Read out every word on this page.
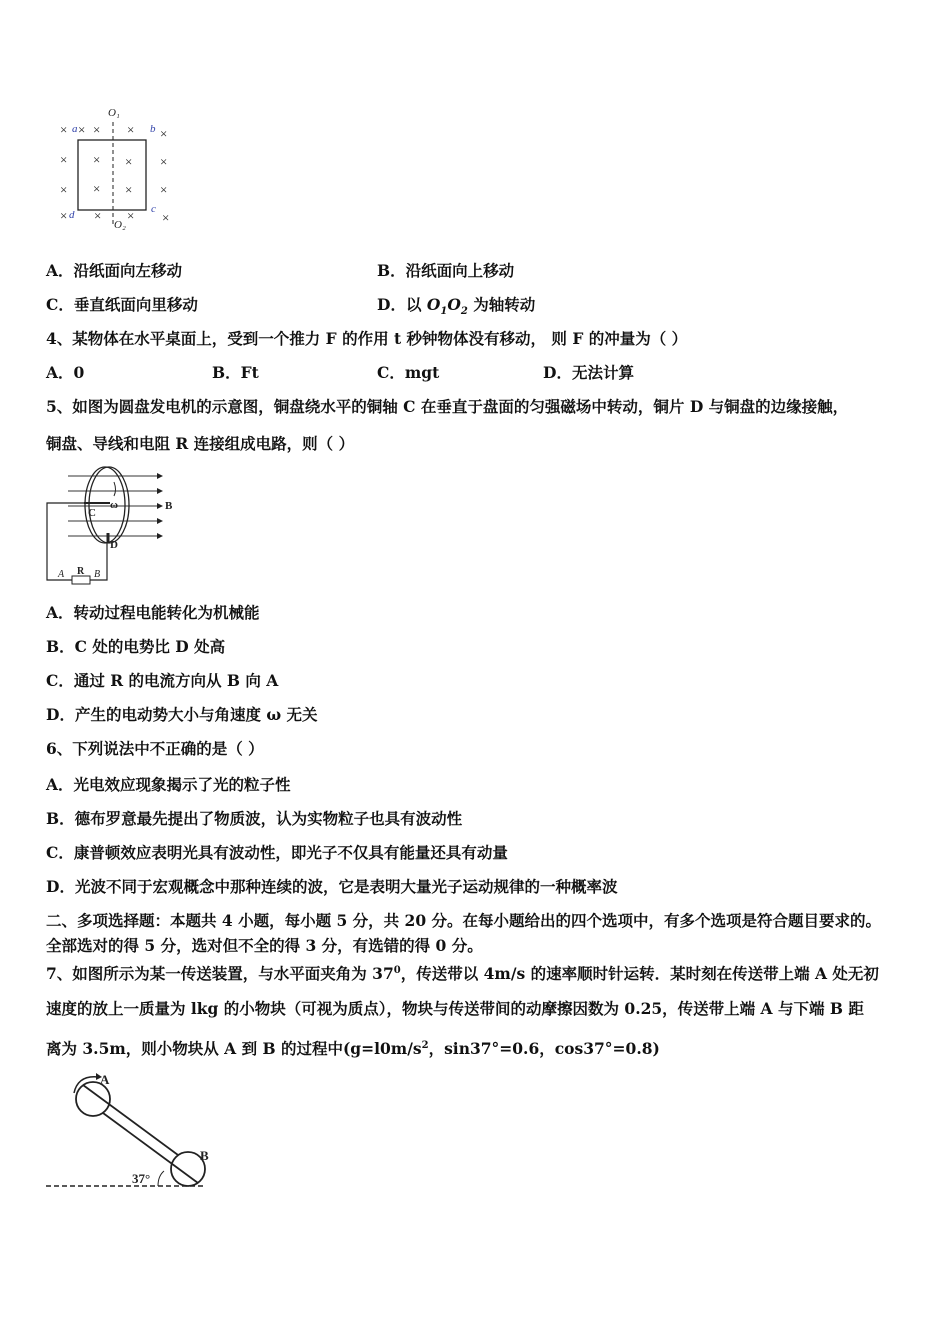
O₁
O₂
a	b
c
d
× × × × ×
× × × ×
× × × ×
× × × ×
A．沿纸面向左移动	B．沿纸面向上移动
C．垂直纸面向里移动	D．以 $O_1O_2$ 为轴转动
4、某物体在水平桌面上，受到一个推力 F 的作用 t 秒钟物体没有移动， 则 F 的冲量为（ ）
A．0	B．Ft	C．mgt	D．无法计算
5、如图为圆盘发电机的示意图，铜盘绕水平的铜轴 C 在垂直于盘面的匀强磁场中转动，铜片 D 与铜盘的边缘接触，
铜盘、导线和电阻 R 连接组成电路，则（ ）
B
C
ω
D
A R B
A．转动过程电能转化为机械能
B．C 处的电势比 D 处高
C．通过 R 的电流方向从 B 向 A
D．产生的电动势大小与角速度 ω 无关
6、下列说法中不正确的是（ ）
A．光电效应现象揭示了光的粒子性
B．德布罗意最先提出了物质波，认为实物粒子也具有波动性
C．康普顿效应表明光具有波动性，即光子不仅具有能量还具有动量
D．光波不同于宏观概念中那种连续的波，它是表明大量光子运动规律的一种概率波
二、多项选择题：本题共 4 小题，每小题 5 分，共 20 分。在每小题给出的四个选项中，有多个选项是符合题目要求的。
全部选对的得 5 分，选对但不全的得 3 分，有选错的得 0 分。
7、如图所示为某一传送装置，与水平面夹角为 $37^0$，传送带以 4m/s 的速率顺时针运转．某时刻在传送带上端 A 处无初
速度的放上一质量为 lkg 的小物块（可视为质点），物块与传送带间的动摩擦因数为 0.25，传送带上端 A 与下端 B 距
离为 3.5m，则小物块从 A 到 B 的过程中($g=l0m/s^2$，sin37°=0.6，cos37°=0.8)
A
B
37°
